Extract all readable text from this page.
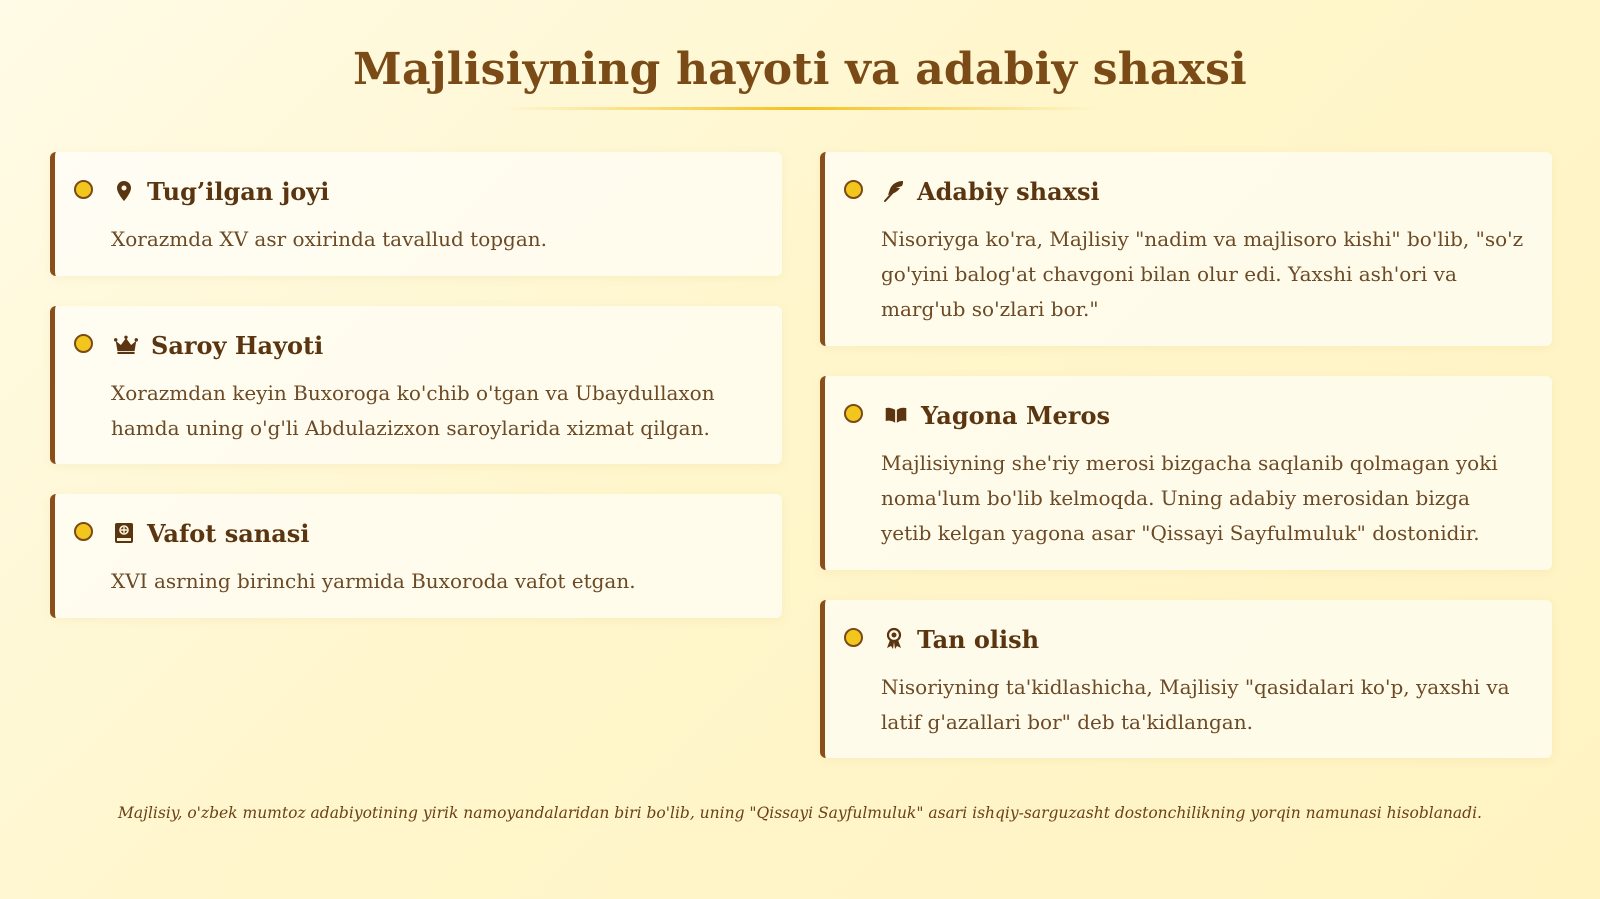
Majlisiyning hayoti va adabiy shaxsi
Tug’ilgan joyi
Xorazmda XV asr oxirinda tavallud topgan.
Saroy Hayoti
Xorazmdan keyin Buxoroga ko'chib o'tgan va Ubaydullaxon hamda uning o'g'li Abdulazizxon saroylarida xizmat qilgan.
Vafot sanasi
XVI asrning birinchi yarmida Buxoroda vafot etgan.
Adabiy shaxsi
Nisoriyga ko'ra, Majlisiy "nadim va majlisoro kishi" bo'lib, "so'z go'yini balog'at chavgoni bilan olur edi. Yaxshi ash'ori va marg'ub so'zlari bor."
Yagona Meros
Majlisiyning she'riy merosi bizgacha saqlanib qolmagan yoki noma'lum bo'lib kelmoqda. Uning adabiy merosidan bizga yetib kelgan yagona asar "Qissayi Sayfulmuluk" dostonidir.
Tan olish
Nisoriyning ta'kidlashicha, Majlisiy "qasidalari ko'p, yaxshi va latif g'azallari bor" deb ta'kidlangan.
Majlisiy, o'zbek mumtoz adabiyotining yirik namoyandalaridan biri bo'lib, uning "Qissayi Sayfulmuluk" asari ishqiy-sarguzasht dostonchilikning yorqin namunasi hisoblanadi.
